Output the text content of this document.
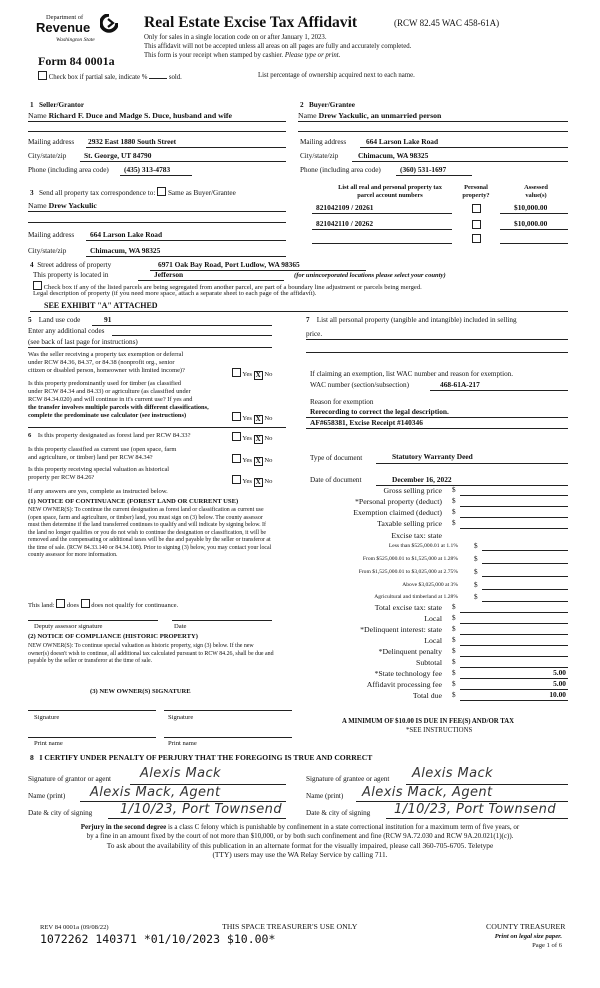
Department of
Revenue
Washington State
Form 84 0001a
Real Estate Excise Tax Affidavit	(RCW 82.45 WAC 458-61A)
Only for sales in a single location code on or after January 1, 2023.
This affidavit will not be accepted unless all areas on all pages are fully and accurately completed.
This form is your receipt when stamped by cashier. Please type or print.
Check box if partial sale, indicate %	sold.	List percentage of ownership acquired next to each name.
1 Seller/Grantor
Name Richard F. Duce and Madge S. Duce, husband and wife
Mailing address 2932 East 1880 South Street
City/state/zip St. George, UT 84790
Phone (including area code) (435) 313-4783
2 Buyer/Grantee
Name Drew Yackulic, an unmarried person
Mailing address	664 Larson Lake Road
City/state/zip	Chimacum, WA 98325
Phone (including area code)	(360) 531-1697
3 Send all property tax correspondence to: Same as Buyer/Grantee
Name Drew Yackulic
Mailing address 664 Larson Lake Road
City/state/zip	Chimacum, WA 98325
List all real and personal property tax
parcel account numbers
Personal
property?
Assessed
value(s)
821042109 / 20261	$10,000.00
821042110 / 20262	$10,000.00
4 Street address of property	6971 Oak Bay Road, Port Ludlow, WA 98365
This property is located in	Jefferson	(for unincorporated locations please select your county)
Check box if any of the listed parcels are being segregated from another parcel, are part of a boundary line adjustment or parcels being merged.
Legal description of property (if you need more space, attach a separate sheet to each page of the affidavit).
SEE EXHIBIT "A" ATTACHED
5 Land use code	91
Enter any additional codes
(see back of last page for instructions)
Was the seller receiving a property tax exemption or deferral
under RCW 84.36, 84.37, or 84.38 (nonprofit org., senior
citizen or disabled person, homeowner with limited income)?
Yes X No
Is this property predominantly used for timber (as classified
under RCW 84.34 and 84.33) or agriculture (as classified under
RCW 84.34.020) and will continue in it's current use? If yes and
the transfer involves multiple parcels with different classifications,
complete the predominate use calculator (see instructions)	Yes X No
6 Is this property designated as forest land per RCW 84.33?	Yes X No
Is this property classified as current use (open space, farm
and agriculture, or timber) land per RCW 84.34?	Yes X No
Is this property receiving special valuation as historical
property per RCW 84.26?
Yes X No
If any answers are yes, complete as instructed below.
(1) NOTICE OF CONTINUANCE (FOREST LAND OR CURRENT USE)
NEW OWNER(S): To continue the current designation as forest land or classification as current use (open space, farm and agriculture, or timber) land, you must sign on (3) below. The county assessor must then determine if the land transferred continues to qualify and will indicate by signing below. If the land no longer qualifies or you do not wish to continue the designation or classification, it will be removed and the compensating or additional taxes will be due and payable by the seller or transferor at the time of sale. (RCW 84.33.140 or 84.34.108). Prior to signing (3) below, you may contact your local county assessor for more information.
This land: does does not qualify for continuance.
Deputy assessor signature	Date
(2) NOTICE OF COMPLIANCE (HISTORIC PROPERTY)
NEW OWNER(S): To continue special valuation as historic property, sign (3) below. If the new owner(s) doesn't wish to continue, all additional tax calculated pursuant to RCW 84.26, shall be due and payable by the seller or transferor at the time of sale.
(3) NEW OWNER(S) SIGNATURE
Signature	Signature
Print name	Print name
7 List all personal property (tangible and intangible) included in selling
price.
If claiming an exemption, list WAC number and reason for exemption.
WAC number (section/subsection)	468-61A-217
Reason for exemption
Rerecording to correct the legal description.
AF#658381, Excise Receipt #140346
Type of document	Statutory Warranty Deed
Date of document	December 16, 2022
Gross selling price $
*Personal property (deduct) $
Exemption claimed (deduct) $
Taxable selling price $
Excise tax: state
Less than $525,000.01 at 1.1% $
From $525,000.01 to $1,525,000 at 1.28% $
From $1,525,000.01 to $3,025,000 at 2.75% $
Above $3,025,000 at 3% $
Agricultural and timberland at 1.28% $
Total excise tax: state $
Local $
*Delinquent interest: state $
Local $
*Delinquent penalty $
Subtotal $
*State technology fee $	5.00
Affidavit processing fee $	5.00
Total due $	10.00
A MINIMUM OF $10.00 IS DUE IN FEE(S) AND/OR TAX
*SEE INSTRUCTIONS
8 I CERTIFY UNDER PENALTY OF PERJURY THAT THE FOREGOING IS TRUE AND CORRECT
Signature of grantor or agent Alexis Mack	Signature of grantee or agent Alexis Mack
Name (print) Alexis Mack, Agent	Name (print) Alexis Mack, Agent
Date & city of signing 1/10/23, Port Townsend	Date & city of signing 1/10/23, Port Townsend
Perjury in the second degree is a class C felony which is punishable by confinement in a state correctional institution for a maximum term of five years, or
by a fine in an amount fixed by the court of not more than $10,000, or by both such confinement and fine (RCW 9A.72.030 and RCW 9A.20.021(1)(c)).
To ask about the availability of this publication in an alternate format for the visually impaired, please call 360-705-6705. Teletype
(TTY) users may use the WA Relay Service by calling 711.
REV 84 0001a (09/08/22)	THIS SPACE TREASURER'S USE ONLY	COUNTY TREASURER
Print on legal size paper.
Page 1 of 6
1072262 140371 *01/10/2023 $10.00*
